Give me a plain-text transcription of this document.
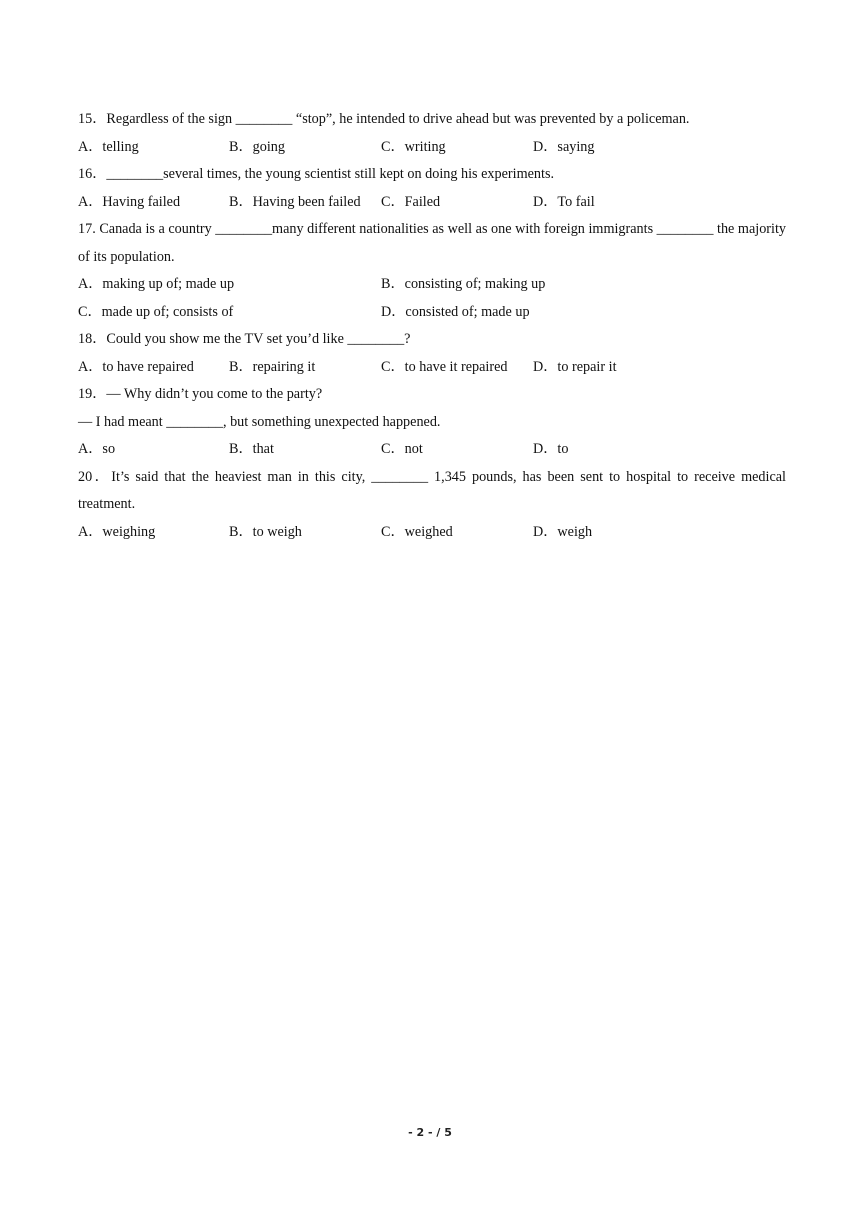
15．Regardless of the sign ________ “stop”, he intended to drive ahead but was prevented by a policeman.
A．telling	B．going	C．writing	D．saying
16．________several times, the young scientist still kept on doing his experiments.
A．Having failed	B．Having been failed C．Failed	D．To fail
17. Canada is a country ________many different nationalities as well as one with foreign immigrants ________ the majority of its population.
A．making up of; made up	B．consisting of; making up
C．made up of; consists of	D．consisted of; made up
18．Could you show me the TV set you’d like ________?
A．to have repaired B．repairing it	C．to have it repaired D．to repair it
19．— Why didn’t you come to the party?
— I had meant ________, but something unexpected happened.
A．so	B．that	C．not	D．to
20．It’s said that the heaviest man in this city, ________ 1,345 pounds, has been sent to hospital to receive medical treatment.
A．weighing	B．to weigh	C．weighed	D．weigh
- 2 - / 5
